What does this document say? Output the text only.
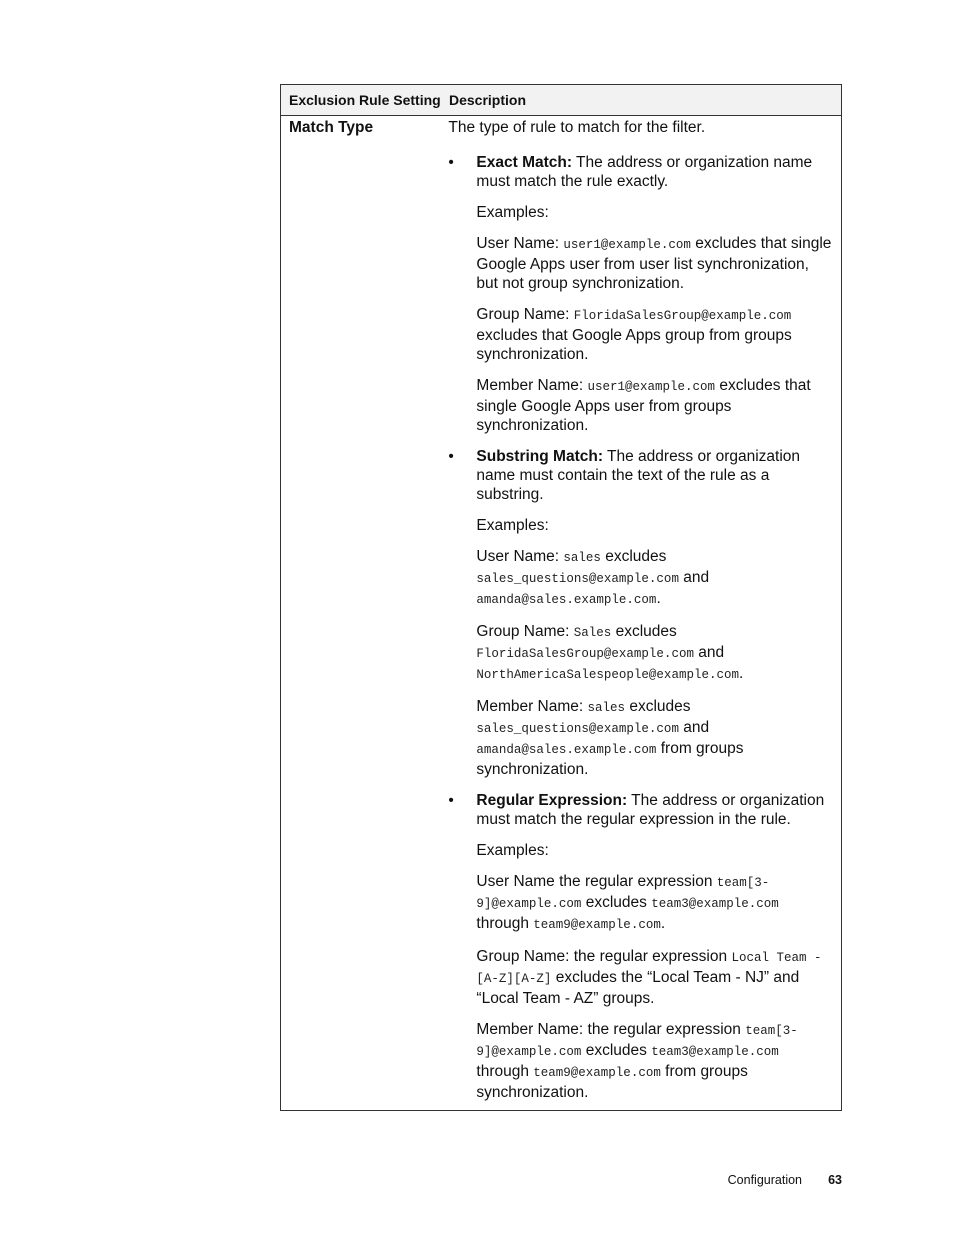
Exclusion Rule Setting Description
Match Type	The type of rule to match for the filter.

• Exact Match: The address or organization name must match the rule exactly.

Examples:

User Name: user1@example.com excludes that single Google Apps user from user list synchronization, but not group synchronization.

Group Name: FloridaSalesGroup@example.com excludes that Google Apps group from groups synchronization.

Member Name: user1@example.com excludes that single Google Apps user from groups synchronization.

• Substring Match: The address or organization name must contain the text of the rule as a substring.

Examples:

User Name: sales excludes sales_questions@example.com and amanda@sales.example.com.

Group Name: Sales excludes FloridaSalesGroup@example.com and NorthAmericaSalespeople@example.com.

Member Name: sales excludes sales_questions@example.com and amanda@sales.example.com from groups synchronization.

• Regular Expression: The address or organization must match the regular expression in the rule.

Examples:

User Name the regular expression team[3-9]@example.com excludes team3@example.com through team9@example.com.

Group Name: the regular expression Local Team - [A-Z][A-Z] excludes the “Local Team - NJ” and “Local Team - AZ” groups.

Member Name: the regular expression team[3-9]@example.com excludes team3@example.com through team9@example.com from groups synchronization.

Configuration 63
